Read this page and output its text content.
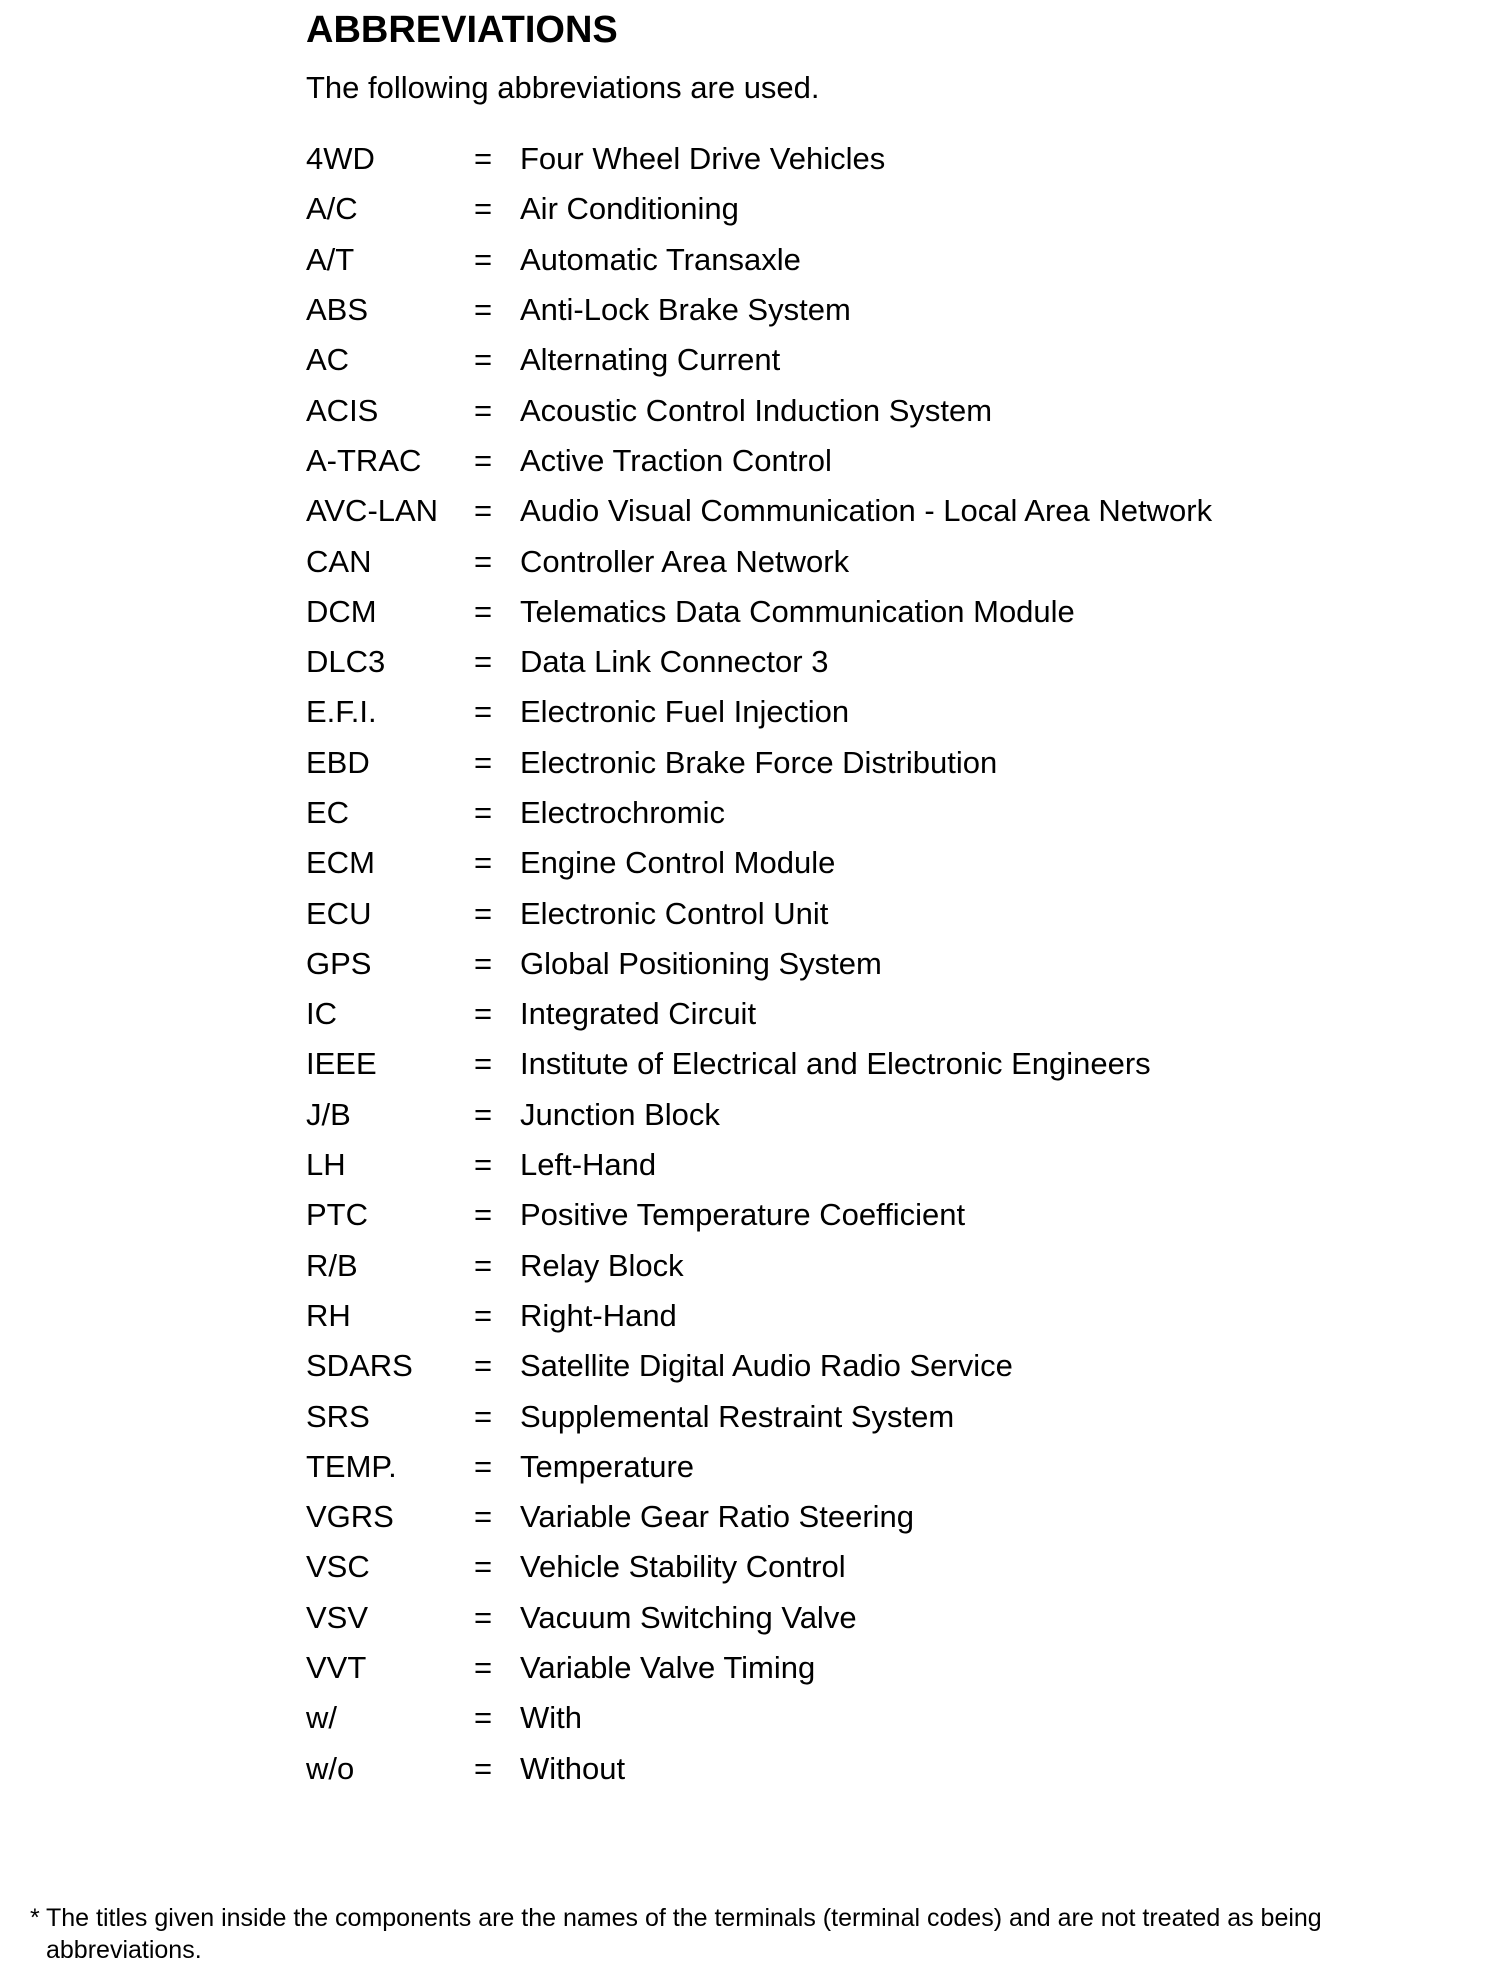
ABBREVIATIONS
The following abbreviations are used.
4WD	= Four Wheel Drive Vehicles
A/C	= Air Conditioning
A/T	= Automatic Transaxle
ABS	= Anti-Lock Brake System
AC	= Alternating Current
ACIS	= Acoustic Control Induction System
A-TRAC	= Active Traction Control
AVC-LAN	= Audio Visual Communication - Local Area Network
CAN	= Controller Area Network
DCM	= Telematics Data Communication Module
DLC3	= Data Link Connector 3
E.F.I.	= Electronic Fuel Injection
EBD	= Electronic Brake Force Distribution
EC	= Electrochromic
ECM	= Engine Control Module
ECU	= Electronic Control Unit
GPS	= Global Positioning System
IC	= Integrated Circuit
IEEE	= Institute of Electrical and Electronic Engineers
J/B	= Junction Block
LH	= Left-Hand
PTC	= Positive Temperature Coefficient
R/B	= Relay Block
RH	= Right-Hand
SDARS	= Satellite Digital Audio Radio Service
SRS	= Supplemental Restraint System
TEMP.	= Temperature
VGRS	= Variable Gear Ratio Steering
VSC	= Vehicle Stability Control
VSV	= Vacuum Switching Valve
VVT	= Variable Valve Timing
w/	= With
w/o	= Without
* The titles given inside the components are the names of the terminals (terminal codes) and are not treated as being
abbreviations.
